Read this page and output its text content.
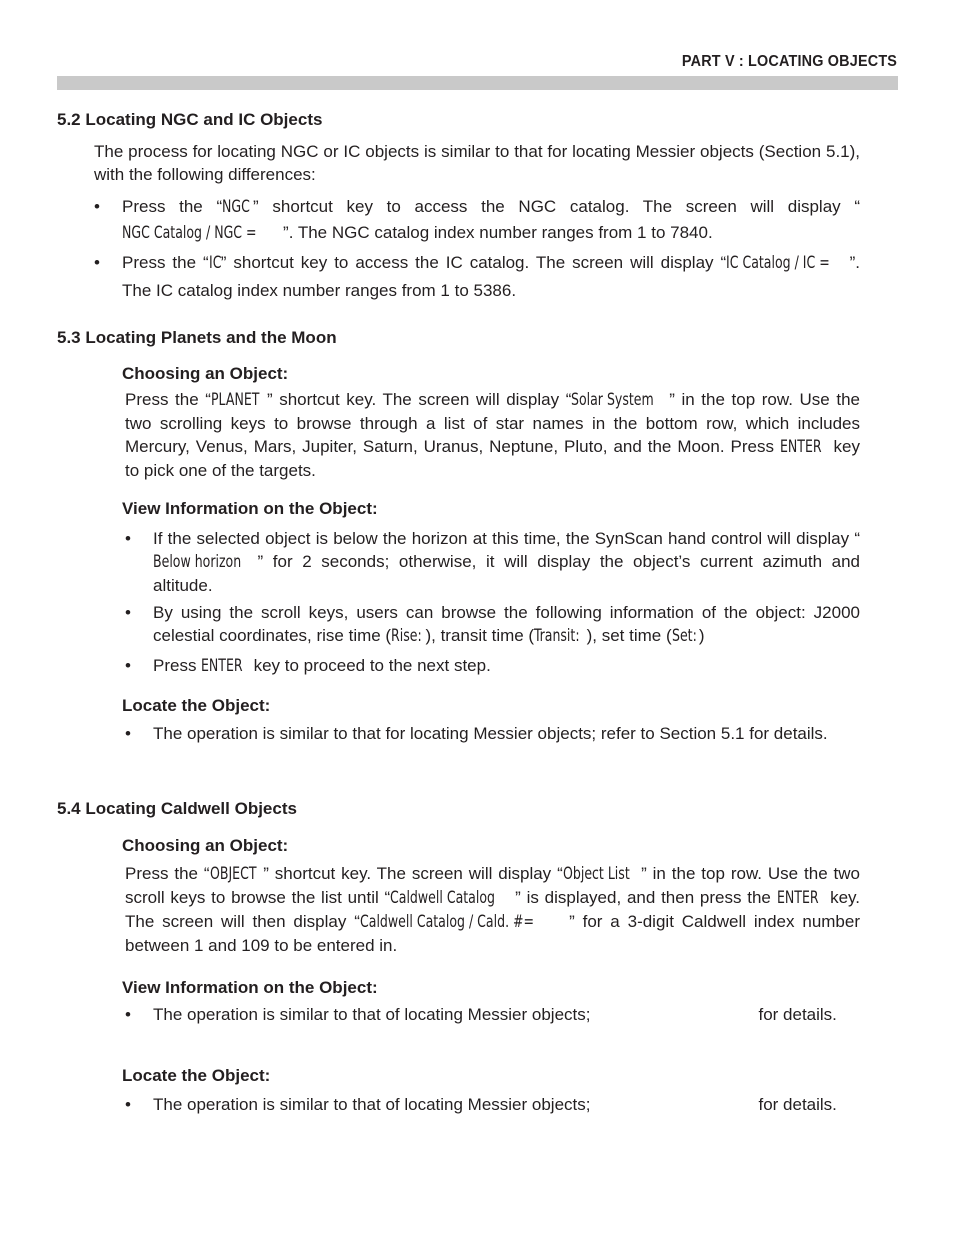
PART V : LOCATING OBJECTS
5.2 Locating NGC and IC Objects

The process for locating NGC or IC objects is similar to that for locating Messier objects (Section 5.1), with the following differences:

• Press the “NGC ” shortcut key to access the NGC catalog. The screen will display “NGC Catalog / NGC = ”. The NGC catalog index number ranges from 1 to 7840.
• Press the “IC” shortcut key to access the IC catalog. The screen will display “IC Catalog / IC = ”. The IC catalog index number ranges from 1 to 5386.
5.3 Locating Planets and the Moon
Choosing an Object:

Press the “PLANET ” shortcut key. The screen will display “Solar System ” in the top row. Use the two scrolling keys to browse through a list of star names in the bottom row, which includes Mercury, Venus, Mars, Jupiter, Saturn, Uranus, Neptune, Pluto, and the Moon. Press ENTER key to pick one of the targets.

View Information on the Object:
• If the selected object is below the horizon at this time, the SynScan hand control will display “Below horizon ” for 2 seconds; otherwise, it will display the object’s current azimuth and altitude.
• By using the scroll keys, users can browse the following information of the object: J2000 celestial coordinates, rise time (Rise: ), transit time (Transit: ), set time (Set: )
• Press ENTER key to proceed to the next step.
Locate the Object:
• The operation is similar to that for locating Messier objects; refer to Section 5.1 for details.
5.4 Locating Caldwell Objects
Choosing an Object:

Press the “OBJECT ” shortcut key. The screen will display “Object List ” in the top row. Use the two scroll keys to browse the list until “Caldwell Catalog ” is displayed, and then press the ENTER key. The screen will then display “Caldwell Catalog / Cald. #= ” for a 3-digit Caldwell index number between 1 and 109 to be entered in.

View Information on the Object:
• The operation is similar to that of locating Messier objects;	for details.
Locate the Object:
• The operation is similar to that of locating Messier objects;	for details.
